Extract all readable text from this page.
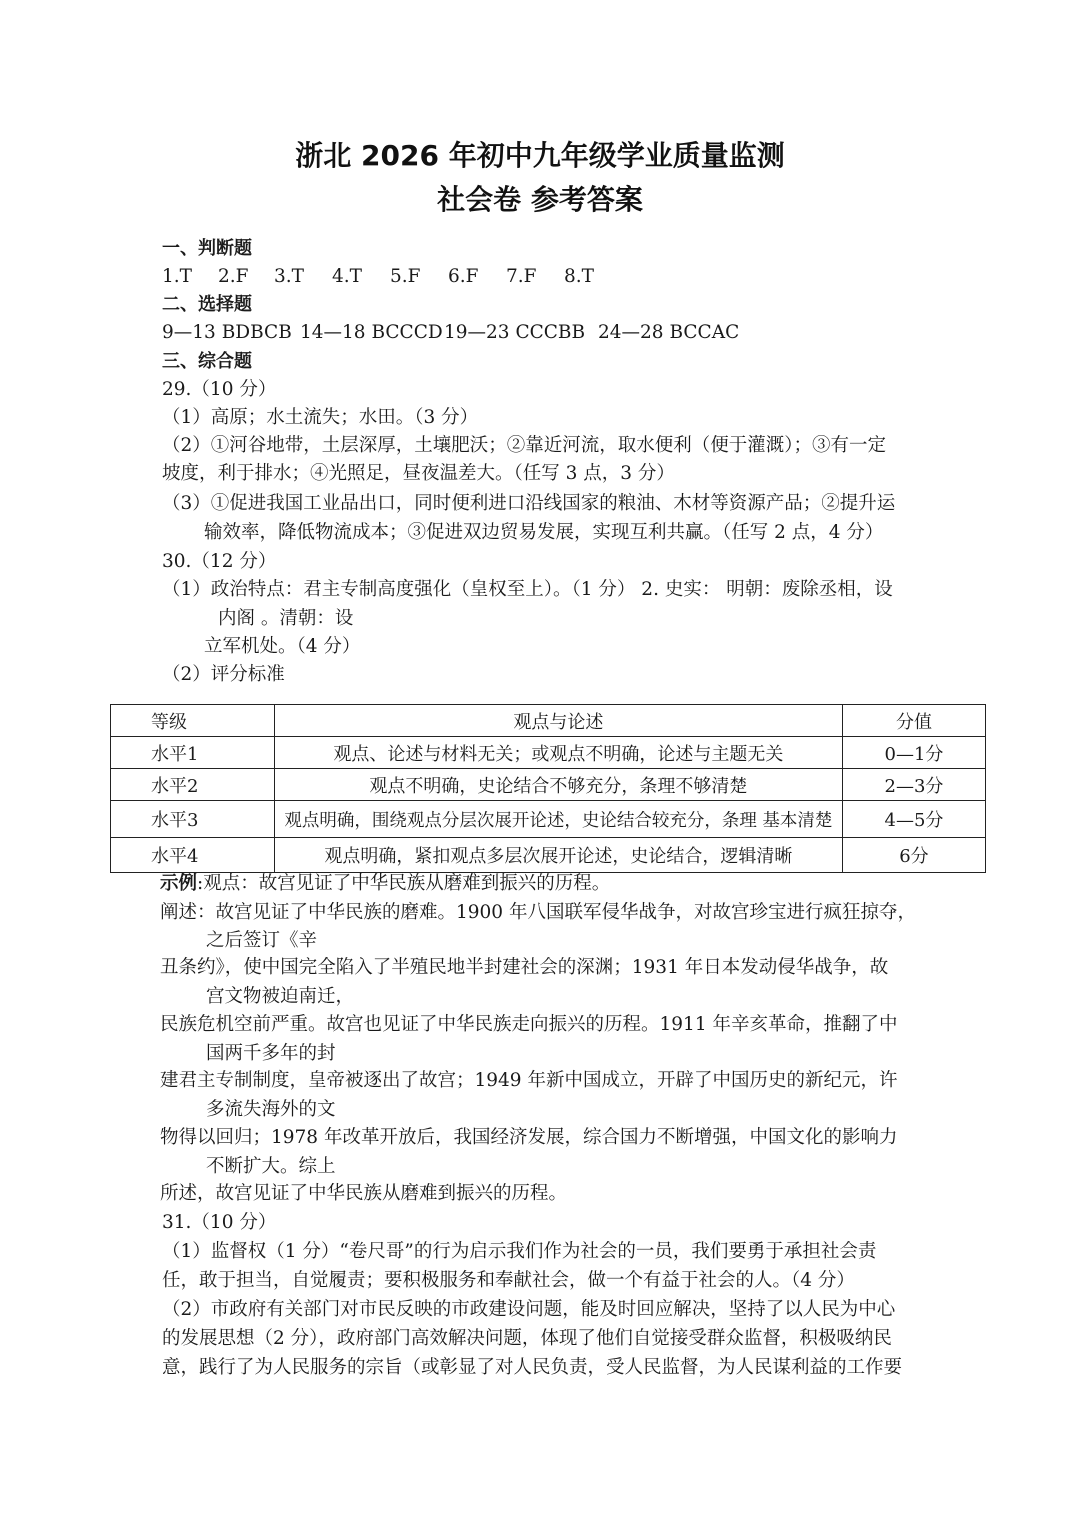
浙北 2026 年初中九年级学业质量监测
社会卷 参考答案
一、判断题
1.T 2.F 3.T 4.T 5.F 6.F 7.F 8.T
二、选择题
9—13 BDBCB 14—18 BCCCD19—23 CCCBB 24—28 BCCAC
三、综合题
29.（10 分）
（1）高原；水土流失；水田。（3 分）
（2）①河谷地带，土层深厚，土壤肥沃；②靠近河流，取水便利（便于灌溉）；③有一定
坡度，利于排水；④光照足，昼夜温差大。（任写 3 点，3 分）
（3）①促进我国工业品出口，同时便利进口沿线国家的粮油、木材等资源产品；②提升运
输效率，降低物流成本；③促进双边贸易发展，实现互利共赢。（任写 2 点，4 分）
30.（12 分）
（1）政治特点：君主专制高度强化（皇权至上）。（1 分） 2. 史实： 明朝：废除丞相，设
内阁 。清朝：设
立军机处。（4 分）
（2）评分标准
等级	观点与论述	分值
水平1	观点、论述与材料无关；或观点不明确，论述与主题无关	0—1分
水平2	观点不明确，史论结合不够充分，条理不够清楚	2—3分
水平3	观点明确，围绕观点分层次展开论述，史论结合较充分，条理 基本清楚	4—5分
水平4	观点明确，紧扣观点多层次展开论述，史论结合，逻辑清晰	6分
示例:观点：故宫见证了中华民族从磨难到振兴的历程。
阐述：故宫见证了中华民族的磨难。1900 年八国联军侵华战争，对故宫珍宝进行疯狂掠夺，
之后签订《辛
丑条约》，使中国完全陷入了半殖民地半封建社会的深渊；1931 年日本发动侵华战争，故
宫文物被迫南迁，
民族危机空前严重。故宫也见证了中华民族走向振兴的历程。1911 年辛亥革命，推翻了中
国两千多年的封
建君主专制制度，皇帝被逐出了故宫；1949 年新中国成立，开辟了中国历史的新纪元，许
多流失海外的文
物得以回归；1978 年改革开放后，我国经济发展，综合国力不断增强，中国文化的影响力
不断扩大。综上
所述，故宫见证了中华民族从磨难到振兴的历程。
31.（10 分）
（1）监督权（1 分）“卷尺哥”的行为启示我们作为社会的一员，我们要勇于承担社会责
任，敢于担当，自觉履责；要积极服务和奉献社会，做一个有益于社会的人。（4 分）
（2）市政府有关部门对市民反映的市政建设问题，能及时回应解决，坚持了以人民为中心
的发展思想（2 分），政府部门高效解决问题，体现了他们自觉接受群众监督，积极吸纳民
意，践行了为人民服务的宗旨（或彰显了对人民负责，受人民监督，为人民谋利益的工作要
